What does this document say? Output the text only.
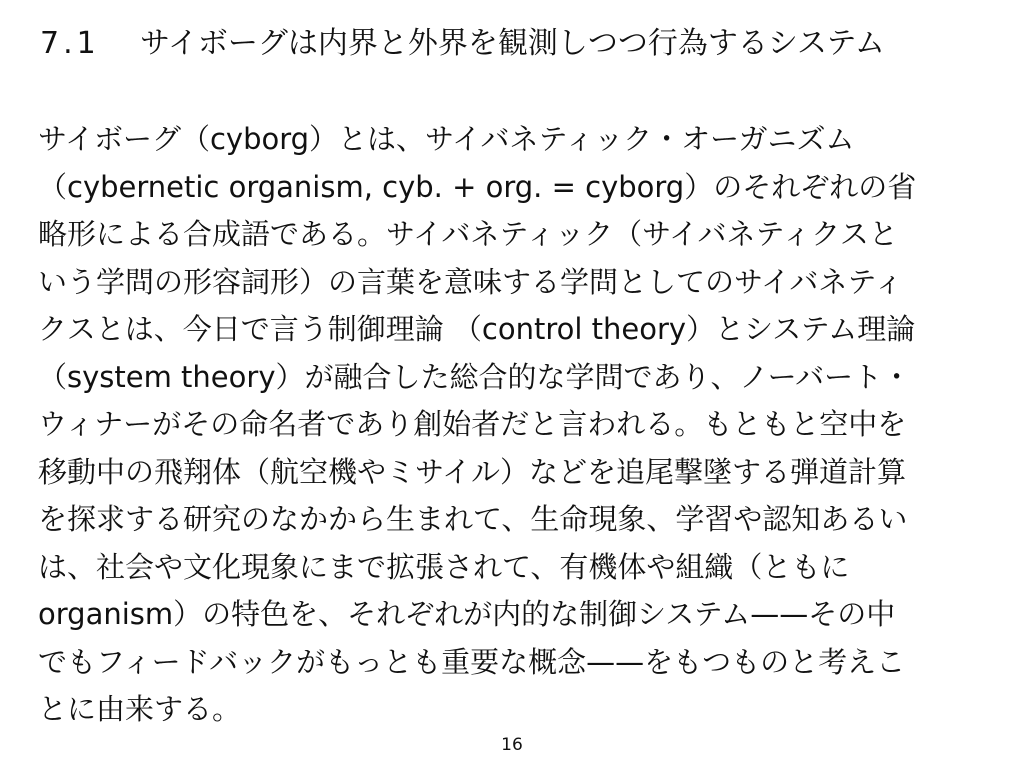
7.1	サイボーグは内界と外界を観測しつつ行為するシステム
サイボーグ（cyborg）とは、サイバネティック・オーガニズム
（cybernetic organism, cyb. + org. = cyborg）のそれぞれの省
略形による合成語である。サイバネティック（サイバネティクスと
いう学問の形容詞形）の言葉を意味する学問としてのサイバネティ
クスとは、今日で言う制御理論 （control theory）とシステム理論
（system theory）が融合した総合的な学問であり、ノーバート・
ウィナーがその命名者であり創始者だと言われる。もともと空中を
移動中の飛翔体（航空機やミサイル）などを追尾撃墜する弾道計算
を探求する研究のなかから生まれて、生命現象、学習や認知あるい
は、社会や文化現象にまで拡張されて、有機体や組織（ともに
organism）の特色を、それぞれが内的な制御システム——その中
でもフィードバックがもっとも重要な概念——をもつものと考えこ
とに由来する。
16
